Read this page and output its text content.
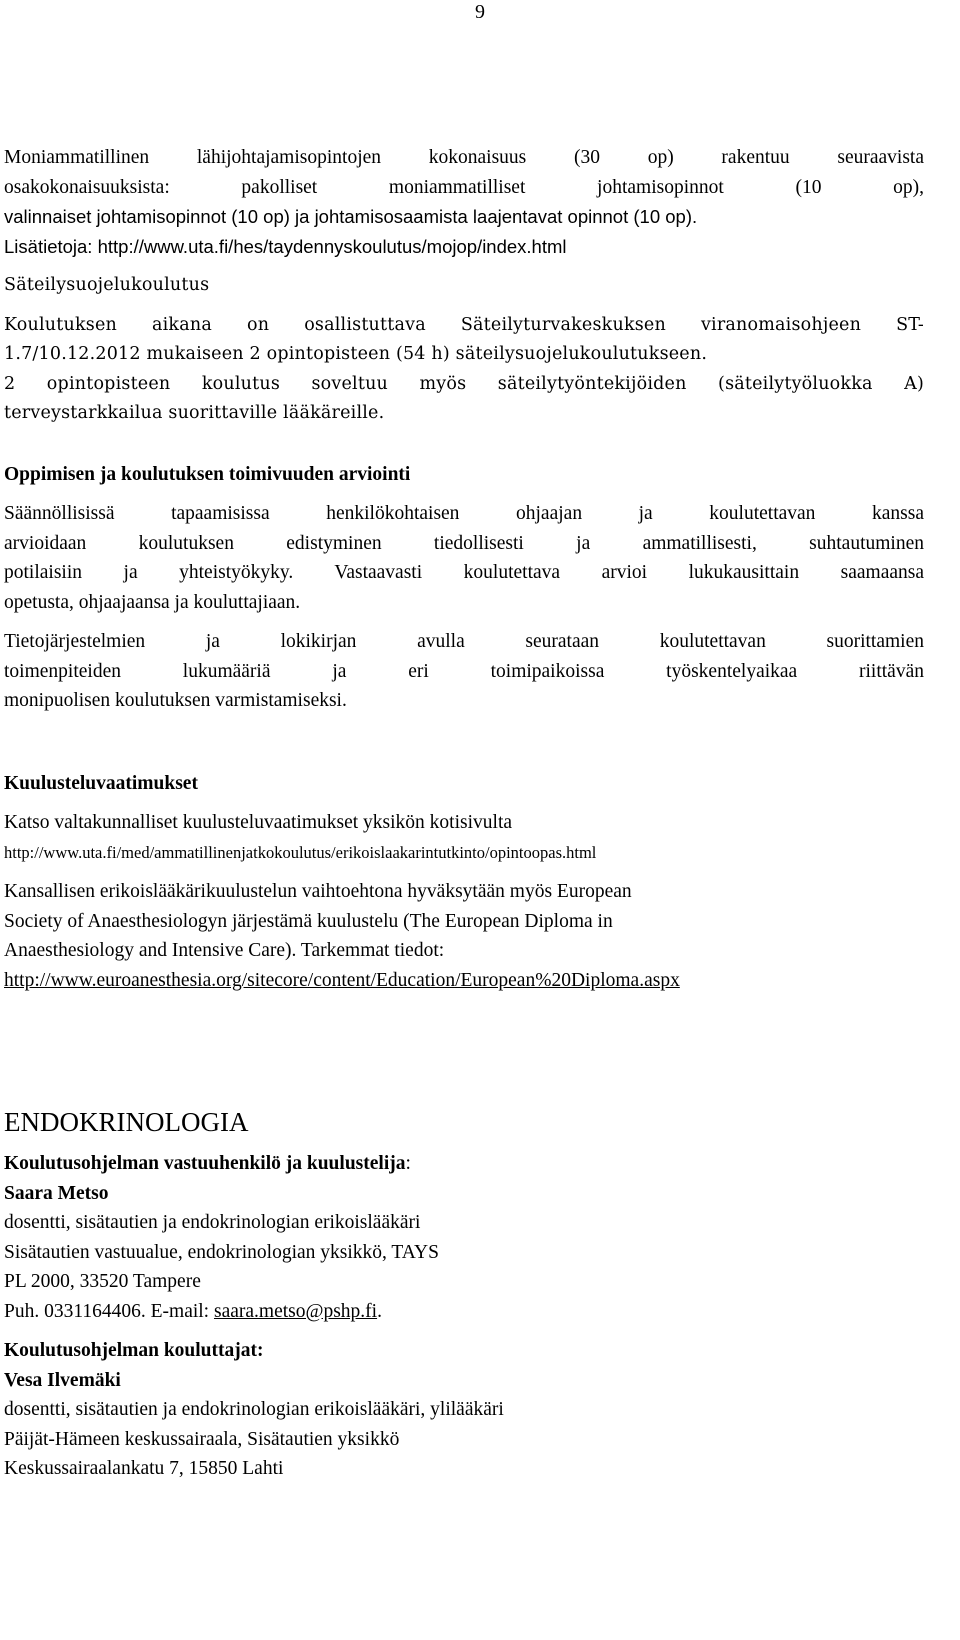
9

Moniammatillinen lähijohtajamisopintojen kokonaisuus (30 op) rakentuu seuraavista

osakokonaisuuksista: pakolliset moniammatilliset johtamisopinnot (10 op),

valinnaiset johtamisopinnot (10 op) ja johtamisosaamista laajentavat opinnot (10 op).

Lisätietoja: http://www.uta.fi/hes/taydennyskoulutus/mojop/index.html

Säteilysuojelukoulutus

Koulutuksen aikana on osallistuttava Säteilyturvakeskuksen viranomaisohjeen ST-

1.7/10.12.2012 mukaiseen 2 opintopisteen (54 h) säteilysuojelukoulutukseen.

2 opintopisteen koulutus soveltuu myös säteilytyöntekijöiden (säteilytyöluokka A)

terveystarkkailua suorittaville lääkäreille.

Oppimisen ja koulutuksen toimivuuden arviointi

Säännöllisissä tapaamisissa henkilökohtaisen ohjaajan ja koulutettavan kanssa

arvioidaan koulutuksen edistyminen tiedollisesti ja ammatillisesti, suhtautuminen

potilaisiin ja yhteistyökyky. Vastaavasti koulutettava arvioi lukukausittain saamaansa

opetusta, ohjaajaansa ja kouluttajiaan.

Tietojärjestelmien ja lokikirjan avulla seurataan koulutettavan suorittamien

toimenpiteiden lukumääriä ja eri toimipaikoissa työskentelyaikaa riittävän

monipuolisen koulutuksen varmistamiseksi.

Kuulusteluvaatimukset

Katso valtakunnalliset kuulusteluvaatimukset yksikön kotisivulta

http://www.uta.fi/med/ammatillinenjatkokoulutus/erikoislaakarintutkinto/opintoopas.html

Kansallisen erikoislääkärikuulustelun vaihtoehtona hyväksytään myös European

Society of Anaesthesiologyn järjestämä kuulustelu (The European Diploma in

Anaesthesiology and Intensive Care). Tarkemmat tiedot:

http://www.euroanesthesia.org/sitecore/content/Education/European%20Diploma.aspx

ENDOKRINOLOGIA

Koulutusohjelman vastuuhenkilö ja kuulustelija:

Saara Metso

dosentti, sisätautien ja endokrinologian erikoislääkäri

Sisätautien vastuualue, endokrinologian yksikkö, TAYS

PL 2000, 33520 Tampere

Puh. 0331164406. E-mail: saara.metso@pshp.fi.

Koulutusohjelman kouluttajat:

Vesa Ilvemäki

dosentti, sisätautien ja endokrinologian erikoislääkäri, ylilääkäri

Päijät-Hämeen keskussairaala, Sisätautien yksikkö

Keskussairaalankatu 7, 15850 Lahti
